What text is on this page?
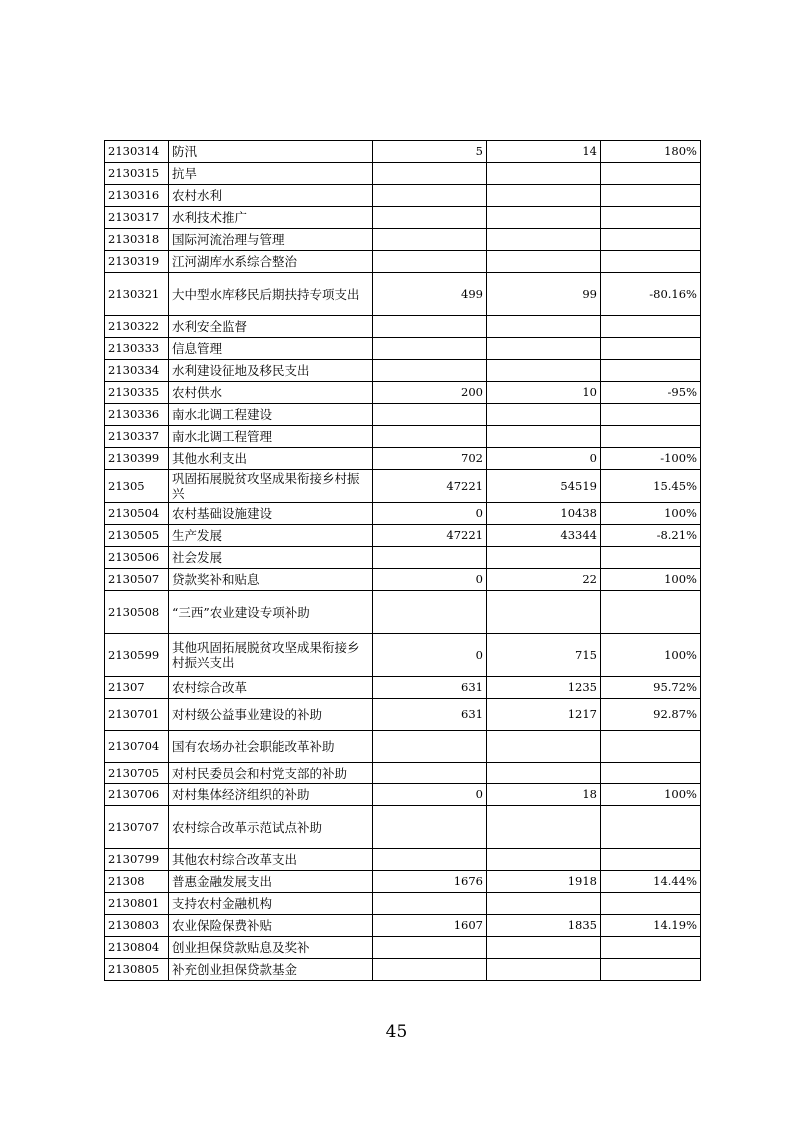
2130314	防汛	5	14	180%
2130315	抗旱			
2130316	农村水利			
2130317	水利技术推广			
2130318	国际河流治理与管理			
2130319	江河湖库水系综合整治			
2130321	大中型水库移民后期扶持专项支出	499	99	-80.16%
2130322	水利安全监督			
2130333	信息管理			
2130334	水利建设征地及移民支出			
2130335	农村供水	200	10	-95%
2130336	南水北调工程建设			
2130337	南水北调工程管理			
2130399	其他水利支出	702	0	-100%
21305	巩固拓展脱贫攻坚成果衔接乡村振兴	47221	54519	15.45%
2130504	农村基础设施建设	0	10438	100%
2130505	生产发展	47221	43344	-8.21%
2130506	社会发展			
2130507	贷款奖补和贴息	0	22	100%
2130508	“三西”农业建设专项补助			
2130599	其他巩固拓展脱贫攻坚成果衔接乡村振兴支出	0	715	100%
21307	农村综合改革	631	1235	95.72%
2130701	对村级公益事业建设的补助	631	1217	92.87%
2130704	国有农场办社会职能改革补助			
2130705	对村民委员会和村党支部的补助			
2130706	对村集体经济组织的补助	0	18	100%
2130707	农村综合改革示范试点补助			
2130799	其他农村综合改革支出			
21308	普惠金融发展支出	1676	1918	14.44%
2130801	支持农村金融机构			
2130803	农业保险保费补贴	1607	1835	14.19%
2130804	创业担保贷款贴息及奖补			
2130805	补充创业担保贷款基金			
45
